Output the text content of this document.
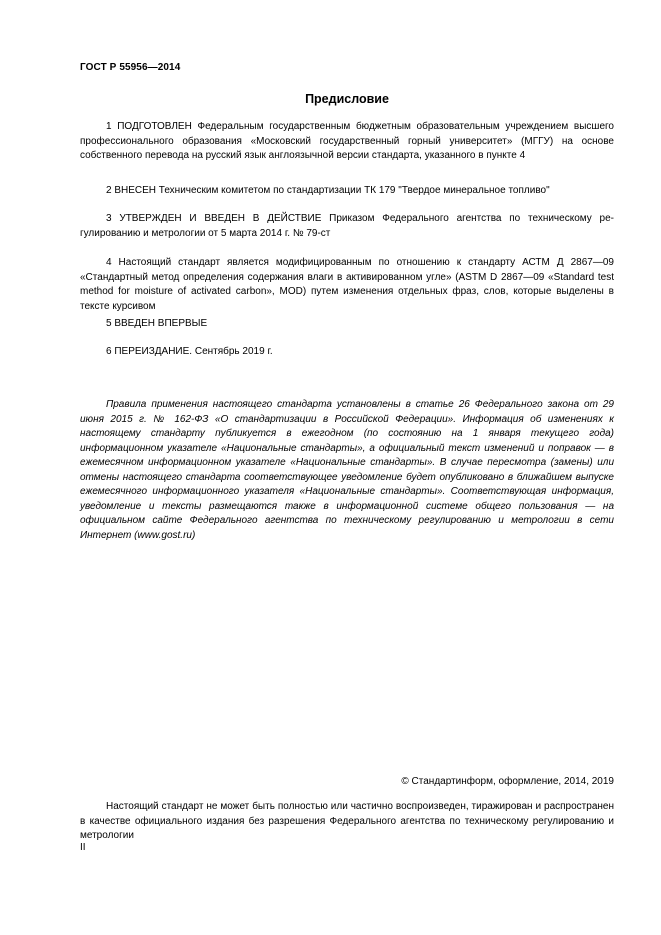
ГОСТ Р 55956—2014
Предисловие

1 ПОДГОТОВЛЕН Федеральным государственным бюджетным образовательным учреждением высшего профессионального образования «Московский государственный горный университет» (МГГУ) на основе собственного перевода на русский язык англоязычной версии стандарта, указанного в пункте 4

2 ВНЕСЕН Техническим комитетом по стандартизации ТК 179 "Твердое минеральное топливо"

3 УТВЕРЖДЕН И ВВЕДЕН В ДЕЙСТВИЕ Приказом Федерального агентства по техническому регулированию и метрологии от 5 марта 2014 г. № 79-ст

4 Настоящий стандарт является модифицированным по отношению к стандарту АСТМ Д 2867—09 «Стандартный метод определения содержания влаги в активированном угле» (ASTM D 2867—09 «Standard test method for moisture of activated carbon», MOD) путем изменения отдельных фраз, слов, которые выделены в тексте курсивом

5 ВВЕДЕН ВПЕРВЫЕ

6 ПЕРЕИЗДАНИЕ. Сентябрь 2019 г.

Правила применения настоящего стандарта установлены в статье 26 Федерального закона от 29 июня 2015 г. № 162-ФЗ «О стандартизации в Российской Федерации». Информация об изменениях к настоящему стандарту публикуется в ежегодном (по состоянию на 1 января текущего года) информационном указателе «Национальные стандарты», а официальный текст изменений и поправок — в ежемесячном информационном указателе «Национальные стандарты». В случае пересмотра (замены) или отмены настоящего стандарта соответствующее уведомление будет опубликовано в ближайшем выпуске ежемесячного информационного указателя «Национальные стандарты». Соответствующая информация, уведомление и тексты размещаются также в информационной системе общего пользования — на официальном сайте Федерального агентства по техническому регулированию и метрологии в сети Интернет (www.gost.ru)

© Стандартинформ, оформление, 2014, 2019

Настоящий стандарт не может быть полностью или частично воспроизведен, тиражирован и распространен в качестве официального издания без разрешения Федерального агентства по техническому регулированию и метрологии

II
